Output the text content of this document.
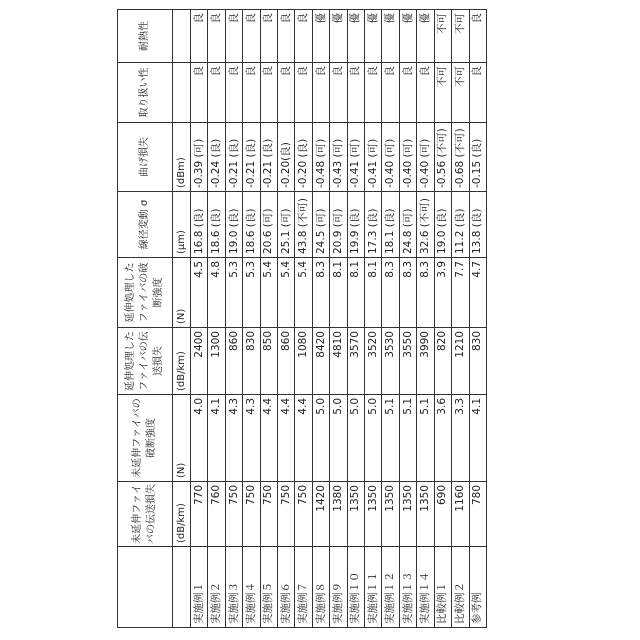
	未延伸ファイバの伝送損失	未延伸ファイバの破断強度	延伸処理したファイバの伝送損失	延伸処理したファイバの破断強度	線径変動 σ	曲げ損失	取り扱い性	耐熱性
	(dB/km)	(N)	(dB/km)	(N)	(μm)	(dBm)		
実施例１	770	4.0	2400	4.5	16.8 (良)	-0.39 (可)	良	良
実施例２	760	4.1	1300	4.8	18.6 (良)	-0.24 (良)	良	良
実施例３	750	4.3	860	5.3	19.0 (良)	-0.21 (良)	良	良
実施例４	750	4.3	830	5.3	18.6 (良)	-0.21 (良)	良	良
実施例５	750	4.4	850	5.4	20.6 (可)	-0.21 (良)	良	良
実施例６	750	4.4	860	5.4	25.1 (可)	-0.20(良)	良	良
実施例７	750	4.4	1080	5.4	43.8 (不可)	-0.20 (良)	良	良
実施例８	1420	5.0	8420	8.3	24.5 (可)	-0.48 (可)	良	優
実施例９	1380	5.0	4810	8.1	20.9 (可)	-0.43 (可)	良	優
実施例１０	1350	5.0	3570	8.1	19.9 (良)	-0.41 (可)	良	優
実施例１１	1350	5.0	3520	8.1	17.3 (良)	-0.41 (可)	良	優
実施例１２	1350	5.1	3530	8.3	18.1 (良)	-0.40 (可)	良	優
実施例１３	1350	5.1	3550	8.3	24.8 (可)	-0.40 (可)	良	優
実施例１４	1350	5.1	3990	8.3	32.6 (不可)	-0.40 (可)	良	優
比較例１	690	3.6	820	3.9	19.0 (良)	-0.56 (不可)	不可	不可
比較例２	1160	3.3	1210	7.7	11.2 (良)	-0.68 (不可)	不可	不可
参考例	780	4.1	830	4.7	13.8 (良)	-0.15 (良)	良	良
